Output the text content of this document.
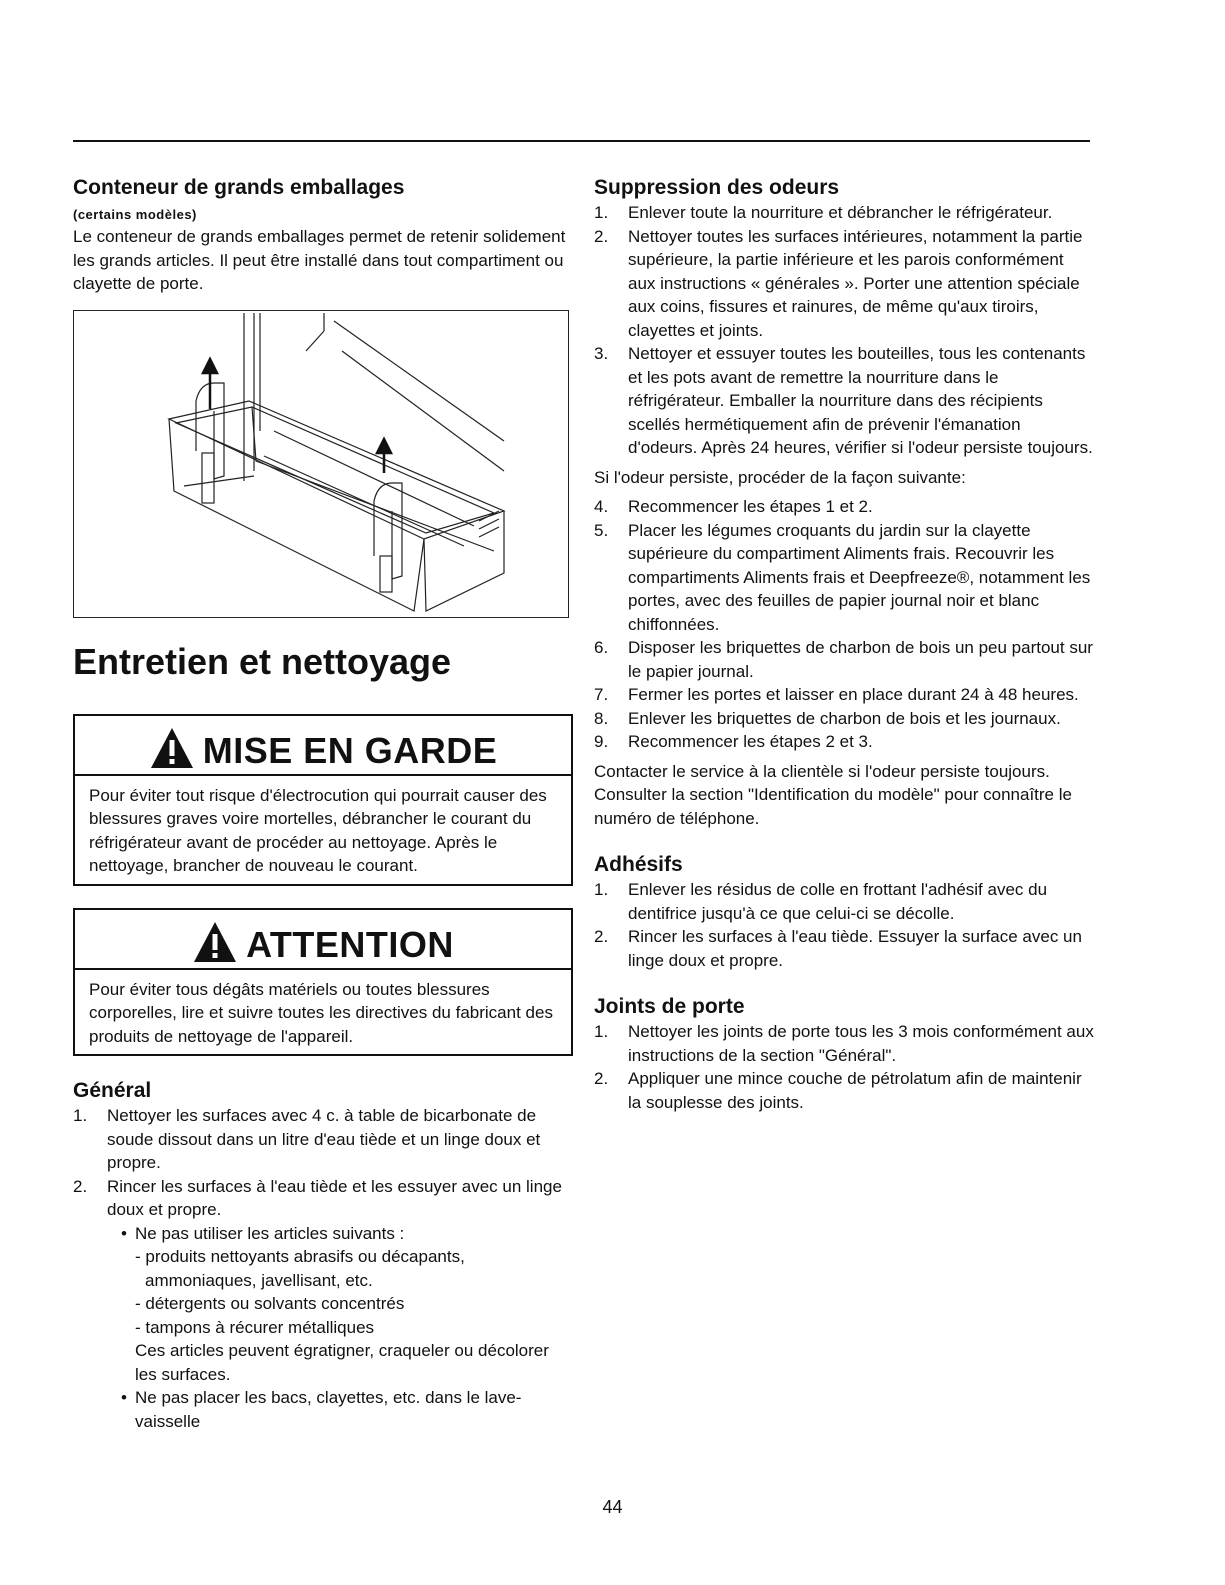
Conteneur de grands emballages
(certains modèles)

Le conteneur de grands emballages permet de retenir solidement les grands articles. Il peut être installé dans tout compartiment ou clayette de porte.

Entretien et nettoyage
MISE EN GARDE
Pour éviter tout risque d'électrocution qui pourrait causer des blessures graves voire mortelles, débrancher le courant du réfrigérateur avant de procéder au nettoyage. Après le nettoyage, brancher de nouveau le courant.
ATTENTION
Pour éviter tous dégâts matériels ou toutes blessures corporelles, lire et suivre toutes les directives du fabricant des produits de nettoyage de l'appareil.
Général
1. Nettoyer les surfaces avec 4 c. à table de bicarbonate de soude dissout dans un litre d'eau tiède et un linge doux et propre.
2. Rincer les surfaces à l'eau tiède et les essuyer avec un linge doux et propre.
• Ne pas utiliser les articles suivants :
- produits nettoyants abrasifs ou décapants, ammoniaques, javellisant, etc.
- détergents ou solvants concentrés
- tampons à récurer métalliques
Ces articles peuvent égratigner, craqueler ou décolorer les surfaces.
• Ne pas placer les bacs, clayettes, etc. dans le lave-vaisselle
Suppression des odeurs
1. Enlever toute la nourriture et débrancher le réfrigérateur.
2. Nettoyer toutes les surfaces intérieures, notamment la partie supérieure, la partie inférieure et les parois conformément aux instructions « générales ». Porter une attention spéciale aux coins, fissures et rainures, de même qu'aux tiroirs, clayettes et joints.
3. Nettoyer et essuyer toutes les bouteilles, tous les contenants et les pots avant de remettre la nourriture dans le réfrigérateur. Emballer la nourriture dans des récipients scellés hermétiquement afin de prévenir l'émanation d'odeurs. Après 24 heures, vérifier si l'odeur persiste toujours.

Si l'odeur persiste, procéder de la façon suivante:

4. Recommencer les étapes 1 et 2.
5. Placer les légumes croquants du jardin sur la clayette supérieure du compartiment Aliments frais. Recouvrir les compartiments Aliments frais et Deepfreeze®, notamment les portes, avec des feuilles de papier journal noir et blanc chiffonnées.
6. Disposer les briquettes de charbon de bois un peu partout sur le papier journal.
7. Fermer les portes et laisser en place durant 24 à 48 heures.
8. Enlever les briquettes de charbon de bois et les journaux.
9. Recommencer les étapes 2 et 3.

Contacter le service à la clientèle si l'odeur persiste toujours. Consulter la section "Identification du modèle" pour connaître le numéro de téléphone.

Adhésifs
1. Enlever les résidus de colle en frottant l'adhésif avec du dentifrice jusqu'à ce que celui-ci se décolle.
2. Rincer les surfaces à l'eau tiède. Essuyer la surface avec un linge doux et propre.
Joints de porte
1. Nettoyer les joints de porte tous les 3 mois conformément aux instructions de la section "Général".
2. Appliquer une mince couche de pétrolatum afin de maintenir la souplesse des joints.
44
